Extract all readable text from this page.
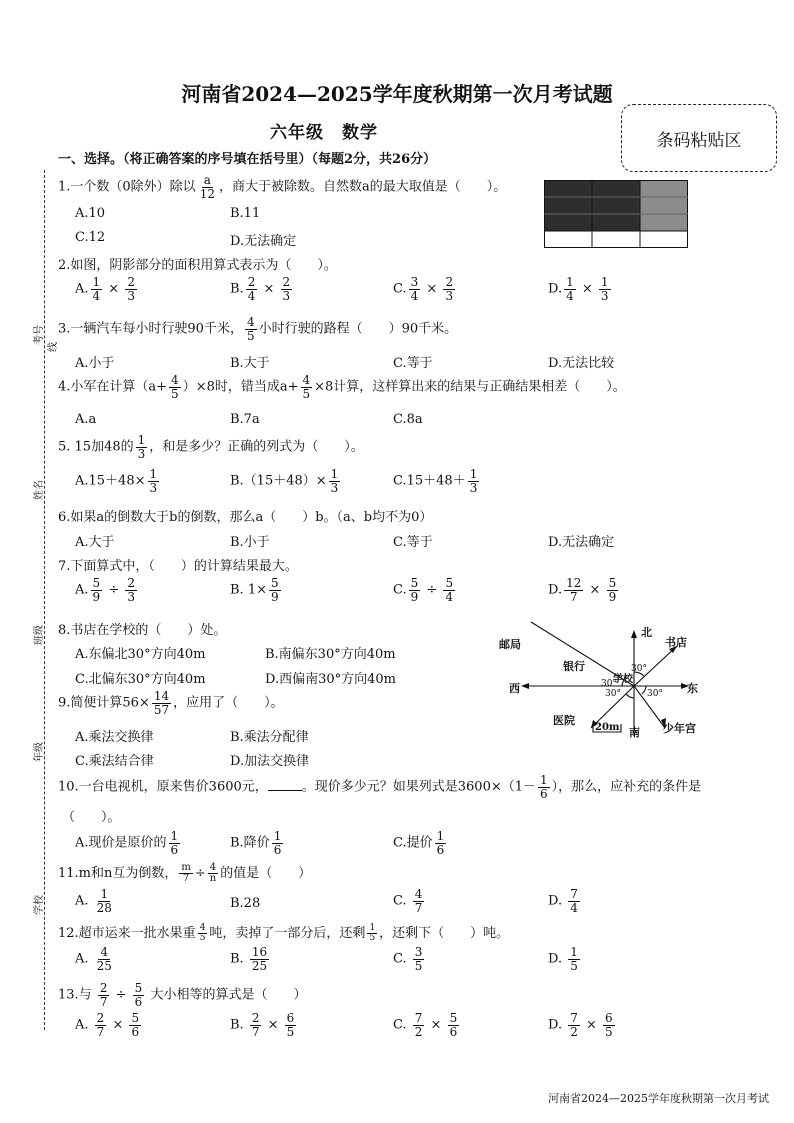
河南省2024—2025学年度秋期第一次月考试题
六年级　数学	条码粘贴区
一、选择。（将正确答案的序号填在括号里）（每题2分，共26分）
考号
线
姓名
班级
年级
学校
1.一个数（0除外）除以 $\frac{a}{12}$ ，商大于被除数。自然数a的最大取值是（　　）。
A.10	B.11
C.12	D.无法确定
2.如图，阴影部分的面积用算式表示为（　　）。
A. $\frac{1}{4} \times \frac{2}{3}$	B. $\frac{2}{4} \times \frac{2}{3}$	C. $\frac{3}{4} \times \frac{2}{3}$	D. $\frac{1}{4} \times \frac{1}{3}$
3.一辆汽车每小时行驶90千米， $\frac{4}{5}$ 小时行驶的路程（　　）90千米。
A.小于	B.大于	C.等于	D.无法比较
4.小军在计算$(a+ \frac{4}{5} )\times 8$时，错当成$a+ \frac{4}{5} \times 8$计算，这样算出来的结果与正确结果相差（　　）。
A.a	B.7a	C.8a
5. 15加48的 $\frac{1}{3}$ ，和是多少？正确的列式为（　　）。
$A.15+48\times \frac{1}{3}$	$B.(15+48)\times \frac{1}{3}$	$C.15+48+ \frac{1}{3}$
6.如果a的倒数大于b的倒数，那么a（　　）b。（a、b均不为0）
A.大于	B.小于	C.等于	D.无法确定
7.下面算式中，（　　）的计算结果最大。
A. $\frac{5}{9} \div \frac{2}{3}$	B. $1\times \frac{5}{9}$	C. $\frac{5}{9} \div \frac{5}{4}$	D. $\frac{12}{7} \times \frac{5}{9}$
8.书店在学校的（　　）处。
A.东偏北30°方向40m	B.南偏东30°方向40m
C.北偏东30°方向40m	D.西偏南30°方向40m
北
书店
邮局
银行
学校
西	东
医院
南 少年宫
20m
30°
30°
30°	30°
9.简便计算$56\times \frac{14}{57}$ ，应用了（　　）。
A.乘法交换律	B.乘法分配律
C.乘法结合律	D.加法交换律
10.一台电视机，原来售价3600元，	。现价多少元？如果列式是$3600\times(1- \frac{1}{6}$ ），那么，应补充的条件是
（　　）。
A.现价是原价的 $\frac{1}{6}$	B.降价 $\frac{1}{6}$	C.提价 $\frac{1}{6}$
11.m和n互为倒数， $\frac{m}{7} \div \frac{4}{n}$ 的值是（　　）
A. $\frac{1}{28}$	B.28	C. $\frac{4}{7}$	D. $\frac{7}{4}$
12.超市运来一批水果重 $\frac{4}{5}$ 吨，卖掉了一部分后，还剩 $\frac{1}{5}$ ，还剩下（　　）吨。
A. $\frac{4}{25}$	B. $\frac{16}{25}$	C. $\frac{3}{5}$	D. $\frac{1}{5}$
13.与 $\frac{2}{7} \div \frac{5}{6}$ 大小相等的算式是（　　）
A. $\frac{2}{7} \times \frac{5}{6}$	B. $\frac{2}{7} \times \frac{6}{5}$	C. $\frac{7}{2} \times \frac{5}{6}$	D. $\frac{7}{2} \times \frac{6}{5}$
河南省2024—2025学年度秋期第一次月考试
